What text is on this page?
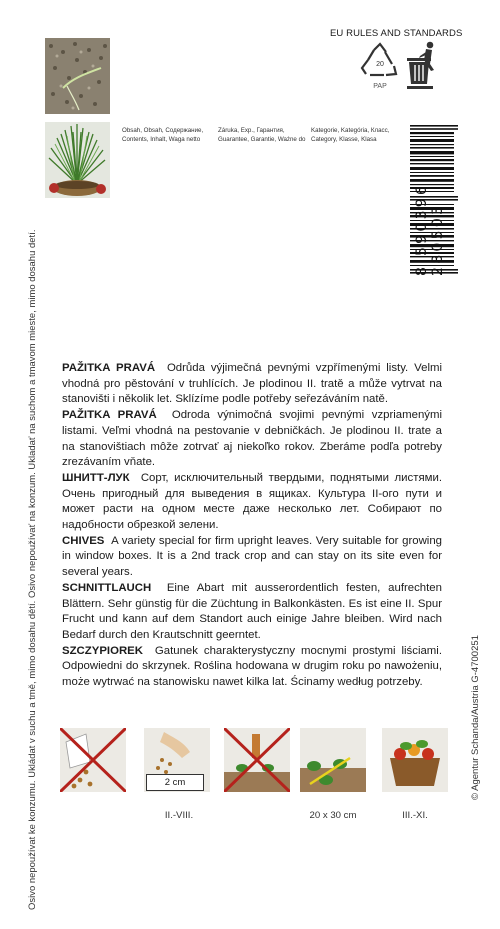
Osivo nepoužívat ke konzumu. Ukládat v suchu a tmě, mimo dosahu dětí. Osivo nepoužívať na konzum. Ukladať na suchom a tmavom mieste, mimo dosahu detí.
EU RULES AND STANDARDS
20
PAP
Obsah, Obsah, Содержание,
Contents, Inhalt, Waga netto
Záruka, Exp., Гарантия,
Guarantee, Garantie, Ważne do
Kategorie, Kategória, Класс,
Category, Klasse, Klasa
8 590396 280503
© Agentur Schanda/Austria G-4700251

PAŽITKA PRAVÁ Odrůda výjimečná pevnými vzpřímenými listy. Velmi vhodná pro pěstování v truhlících. Je plodinou II. tratě a může vytrvat na stanovišti i několik let. Sklízíme podle potřeby seřezáváním natě.

PAŽITKA PRAVÁ Odroda výnimočná svojimi pevnými vzpriamenými listami. Veľmi vhodná na pestovanie v debničkách. Je plodinou II. trate a na stanovištiach môže zotrvať aj niekoľko rokov. Zberáme podľa potreby zrezávaním vňate.

ШНИТТ-ЛУК Сорт, исключительный твердыми, поднятыми листями. Очень пригодный для выведения в ящиках. Культура II-ого пути и может расти на одном месте даже несколько лет. Собирают по надобности обрезкой зелени.

CHIVES A variety special for firm upright leaves. Very suitable for growing in window boxes. It is a 2nd track crop and can stay on its site even for several years.

SCHNITTLAUCH Eine Abart mit ausserordentlich festen, aufrechten Blättern. Sehr günstig für die Züchtung in Balkonkästen. Es ist eine II. Spur Frucht und kann auf dem Standort auch einige Jahre bleiben. Wird nach Bedarf durch den Krautschnitt geerntet.

SZCZYPIOREK Gatunek charakterystyczny mocnymi prostymi liściami. Odpowiedni do skrzynek. Roślina hodowana w drugim roku po nawożeniu, może wytrwać na stanowisku nawet kilka lat. Ścinamy według potrzeby.

2 cm
II.-VIII.	20 x 30 cm	III.-XI.
